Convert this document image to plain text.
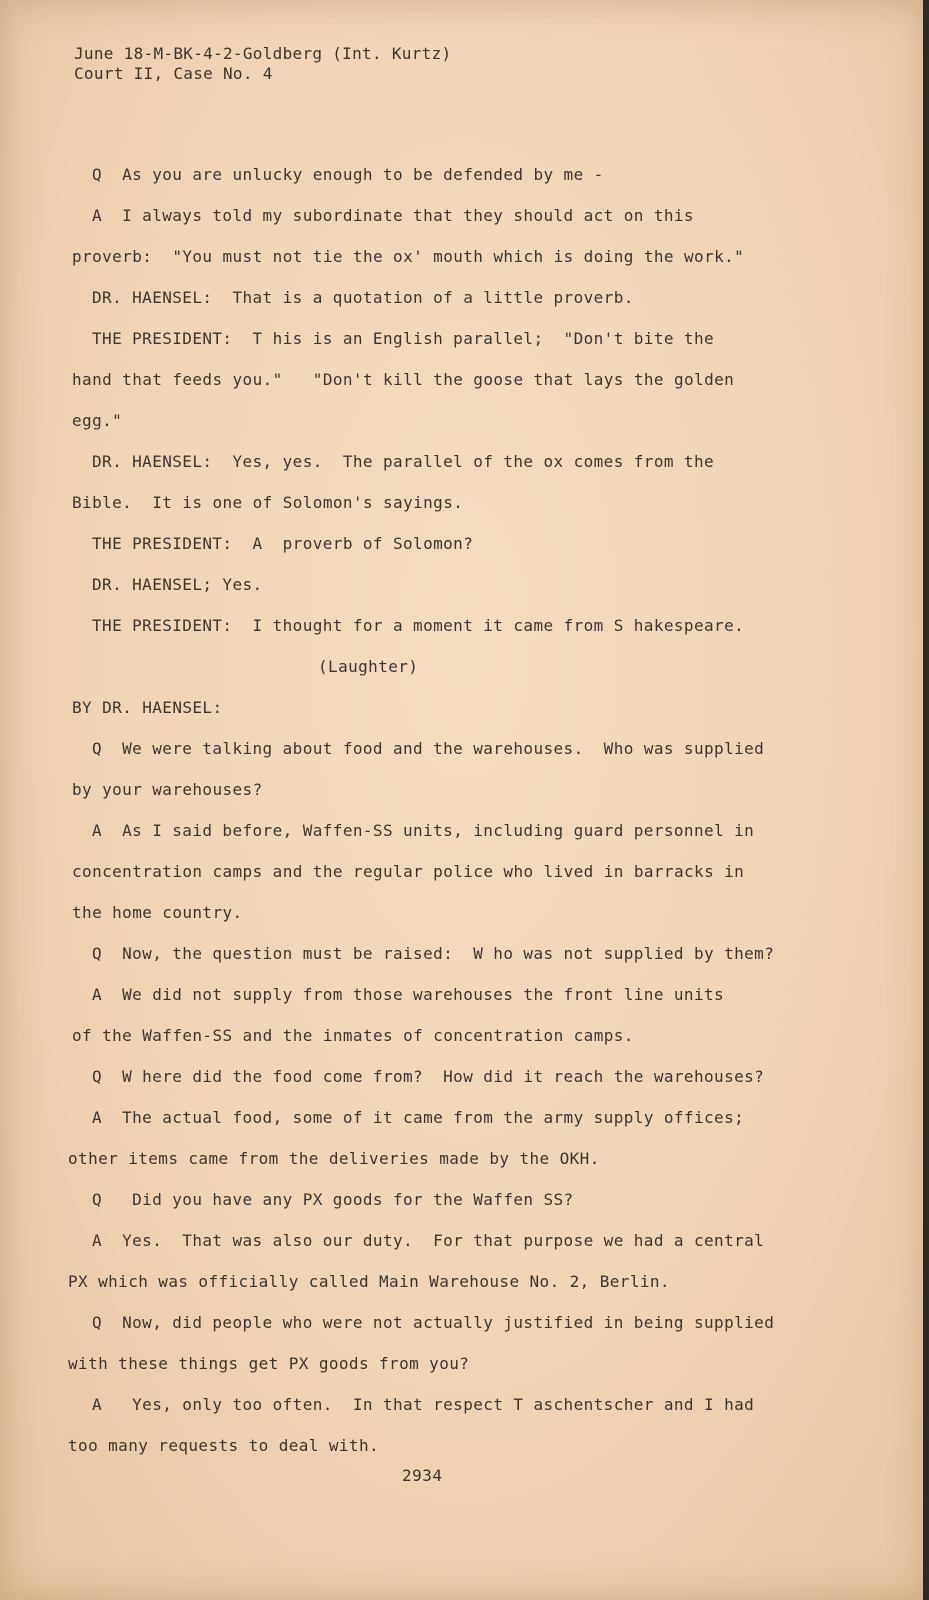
June 18-M-BK-4-2-Goldberg (Int. Kurtz)
Court II, Case No. 4
Q  As you are unlucky enough to be defended by me -
A  I always told my subordinate that they should act on this
proverb:  "You must not tie the ox' mouth which is doing the work."
DR. HAENSEL:  That is a quotation of a little proverb.
THE PRESIDENT:  T his is an English parallel;  "Don't bite the
hand that feeds you."   "Don't kill the goose that lays the golden
egg."
DR. HAENSEL:  Yes, yes.  The parallel of the ox comes from the
Bible.  It is one of Solomon's sayings.
THE PRESIDENT:  A  proverb of Solomon?
DR. HAENSEL; Yes.
THE PRESIDENT:  I thought for a moment it came from S hakespeare.
(Laughter)
BY DR. HAENSEL:
Q  We were talking about food and the warehouses.  Who was supplied
by your warehouses?
A  As I said before, Waffen-SS units, including guard personnel in
concentration camps and the regular police who lived in barracks in
the home country.
Q  Now, the question must be raised:  W ho was not supplied by them?
A  We did not supply from those warehouses the front line units
of the Waffen-SS and the inmates of concentration camps.
Q  W here did the food come from?  How did it reach the warehouses?
A  The actual food, some of it came from the army supply offices;
other items came from the deliveries made by the OKH.
Q   Did you have any PX goods for the Waffen SS?
A  Yes.  That was also our duty.  For that purpose we had a central
PX which was officially called Main Warehouse No. 2, Berlin.
Q  Now, did people who were not actually justified in being supplied
with these things get PX goods from you?
A   Yes, only too often.  In that respect T aschentscher and I had
too many requests to deal with.
2934
